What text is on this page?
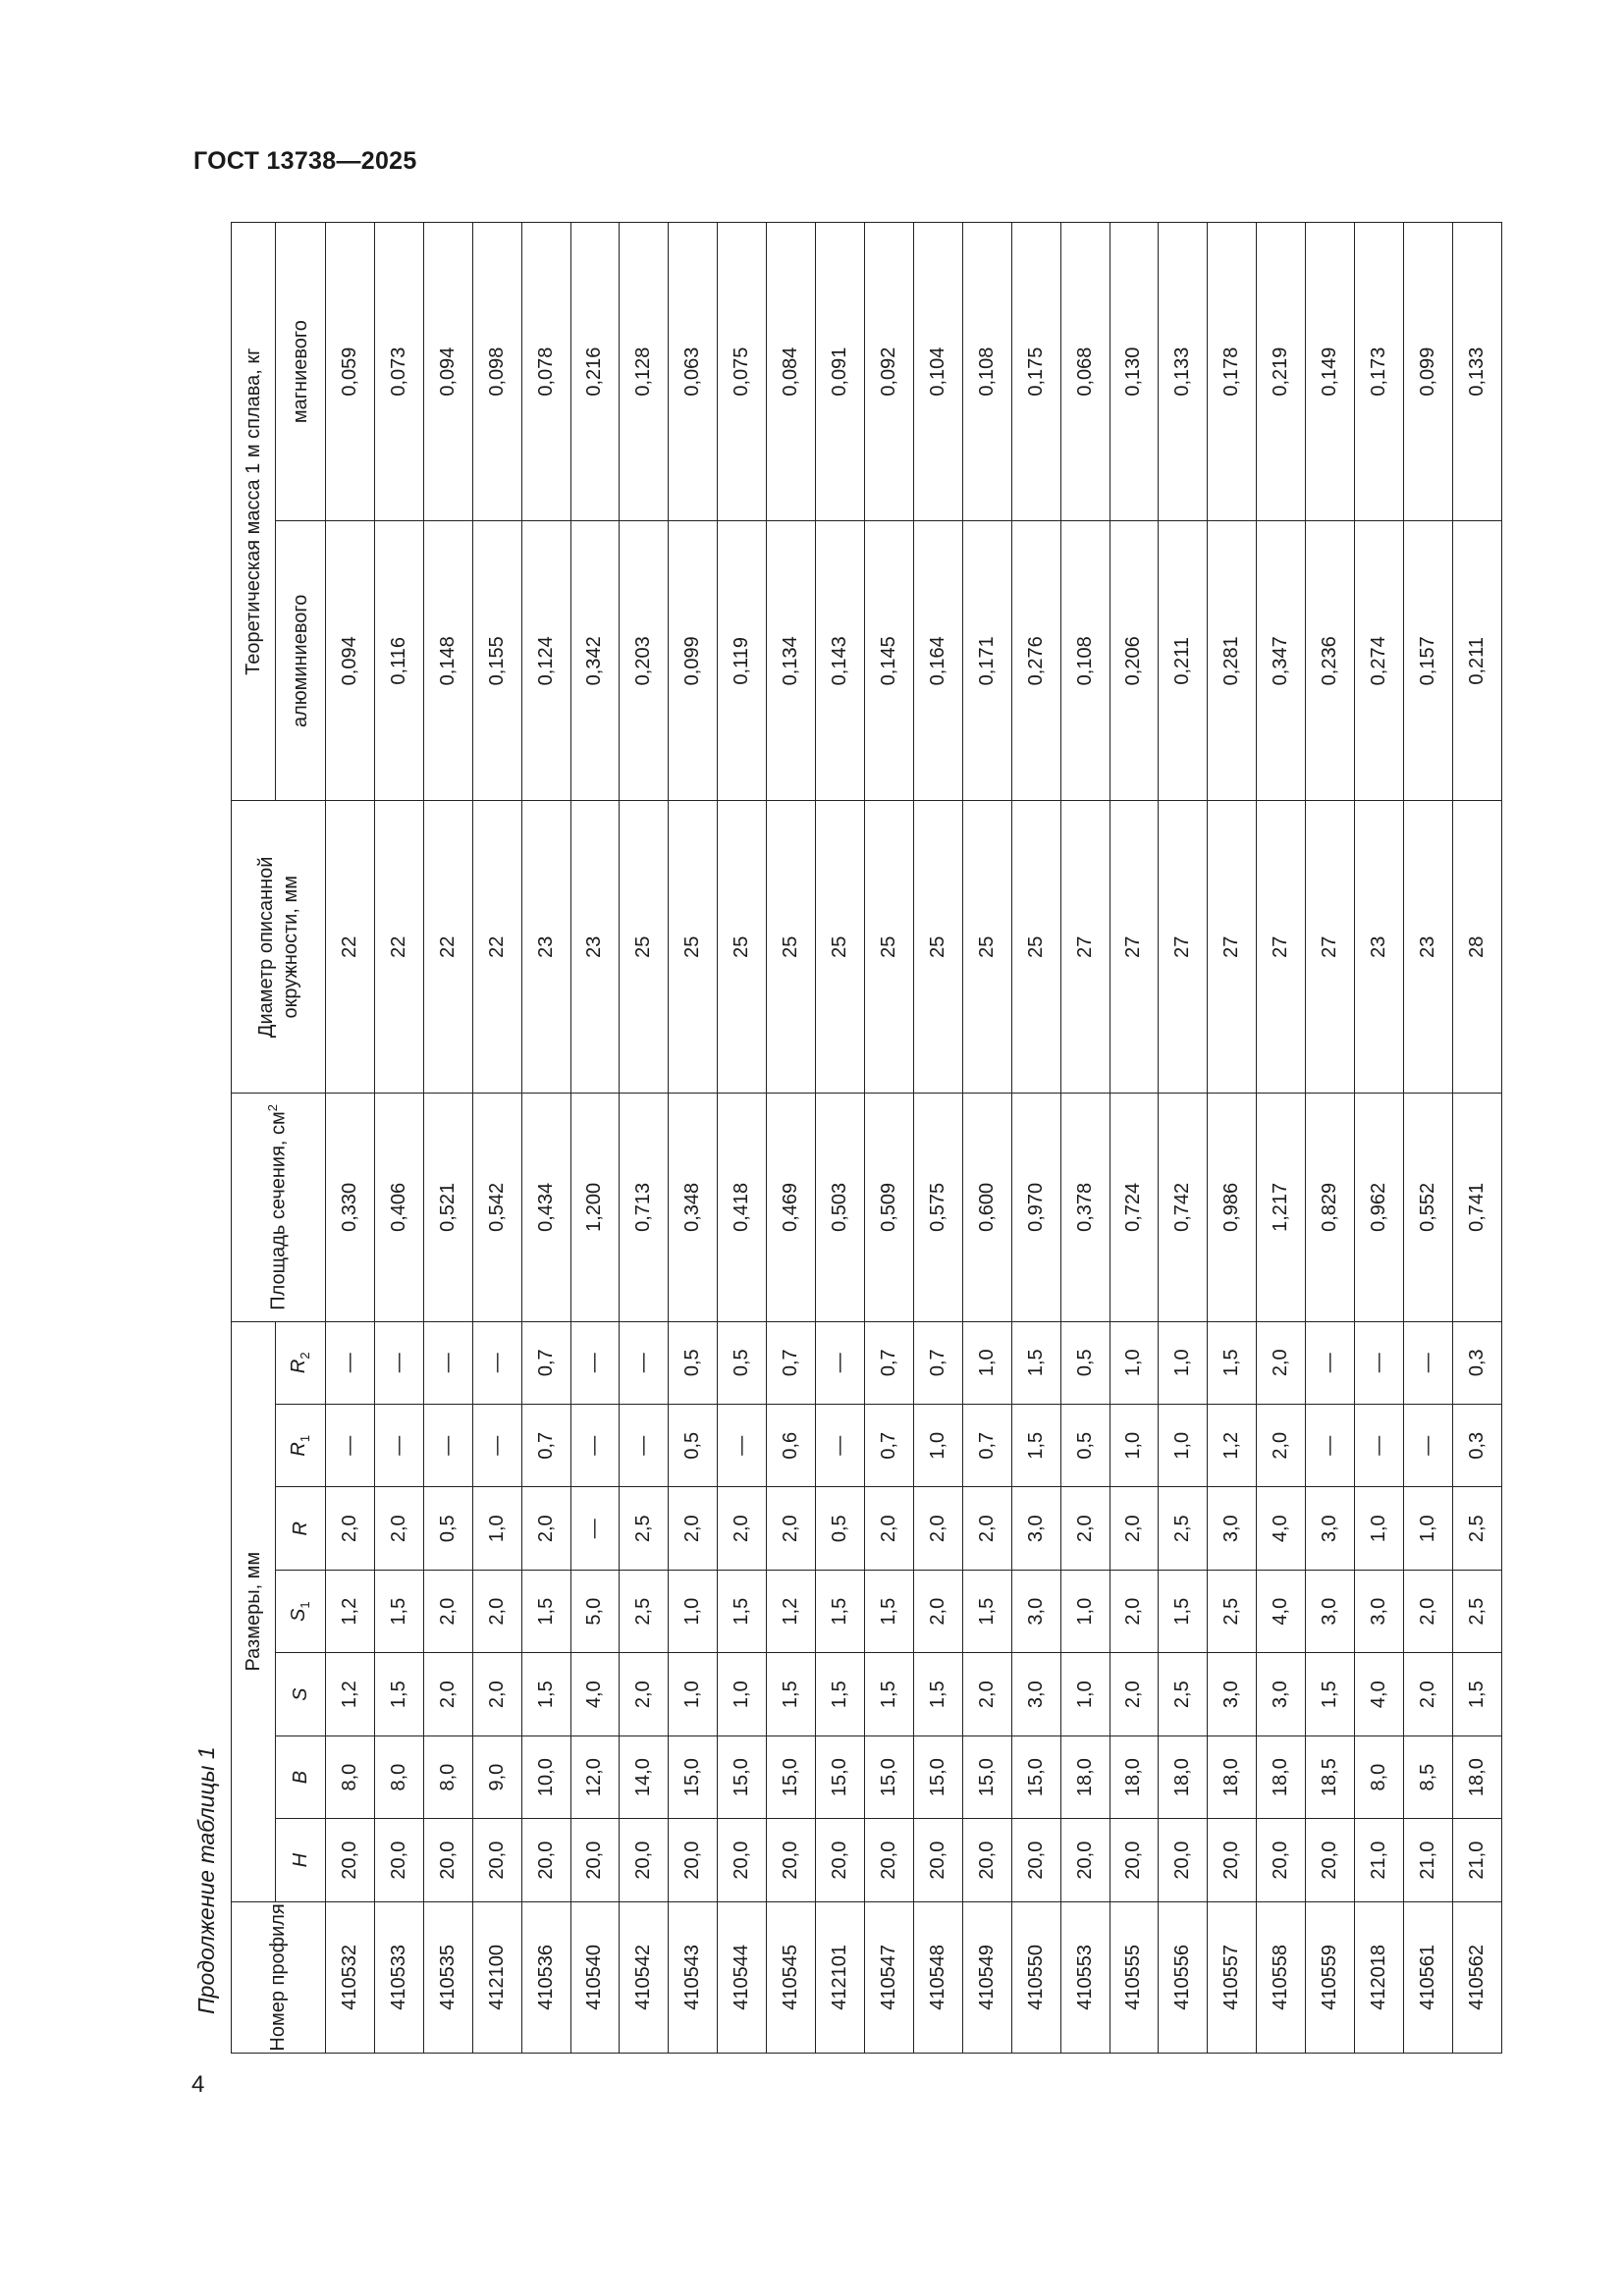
ГОСТ 13738—2025
4
Продолжение таблицы 1 Номер профиля	Размеры, мм							Площадь сечения, $см^2$	Диаметр описанной окружности, мм	Теоретическая масса 1 м сплава, кг	
	H	B	S	$S_1$	R	$R_1$	$R_2$			алюминиевого	магниевого
410532	20,0	8,0	1,2	1,2	2,0	—	—	0,330	22	0,094	0,059
410533	20,0	8,0	1,5	1,5	2,0	—	—	0,406	22	0,116	0,073
410535	20,0	8,0	2,0	2,0	0,5	—	—	0,521	22	0,148	0,094
412100	20,0	9,0	2,0	2,0	1,0	—	—	0,542	22	0,155	0,098
410536	20,0	10,0	1,5	1,5	2,0	0,7	0,7	0,434	23	0,124	0,078
410540	20,0	12,0	4,0	5,0	—	—	—	1,200	23	0,342	0,216
410542	20,0	14,0	2,0	2,5	2,5	—	—	0,713	25	0,203	0,128
410543	20,0	15,0	1,0	1,0	2,0	0,5	0,5	0,348	25	0,099	0,063
410544	20,0	15,0	1,0	1,5	2,0	—	0,5	0,418	25	0,119	0,075
410545	20,0	15,0	1,5	1,2	2,0	0,6	0,7	0,469	25	0,134	0,084
412101	20,0	15,0	1,5	1,5	0,5	—	—	0,503	25	0,143	0,091
410547	20,0	15,0	1,5	1,5	2,0	0,7	0,7	0,509	25	0,145	0,092
410548	20,0	15,0	1,5	2,0	2,0	1,0	0,7	0,575	25	0,164	0,104
410549	20,0	15,0	2,0	1,5	2,0	0,7	1,0	0,600	25	0,171	0,108
410550	20,0	15,0	3,0	3,0	3,0	1,5	1,5	0,970	25	0,276	0,175
410553	20,0	18,0	1,0	1,0	2,0	0,5	0,5	0,378	27	0,108	0,068
410555	20,0	18,0	2,0	2,0	2,0	1,0	1,0	0,724	27	0,206	0,130
410556	20,0	18,0	2,5	1,5	2,5	1,0	1,0	0,742	27	0,211	0,133
410557	20,0	18,0	3,0	2,5	3,0	1,2	1,5	0,986	27	0,281	0,178
410558	20,0	18,0	3,0	4,0	4,0	2,0	2,0	1,217	27	0,347	0,219
410559	20,0	18,5	1,5	3,0	3,0	—	—	0,829	27	0,236	0,149
412018	21,0	8,0	4,0	3,0	1,0	—	—	0,962	23	0,274	0,173
410561	21,0	8,5	2,0	2,0	1,0	—	—	0,552	23	0,157	0,099
410562	21,0	18,0	1,5	2,5	2,5	0,3	0,3	0,741	28	0,211	0,133
